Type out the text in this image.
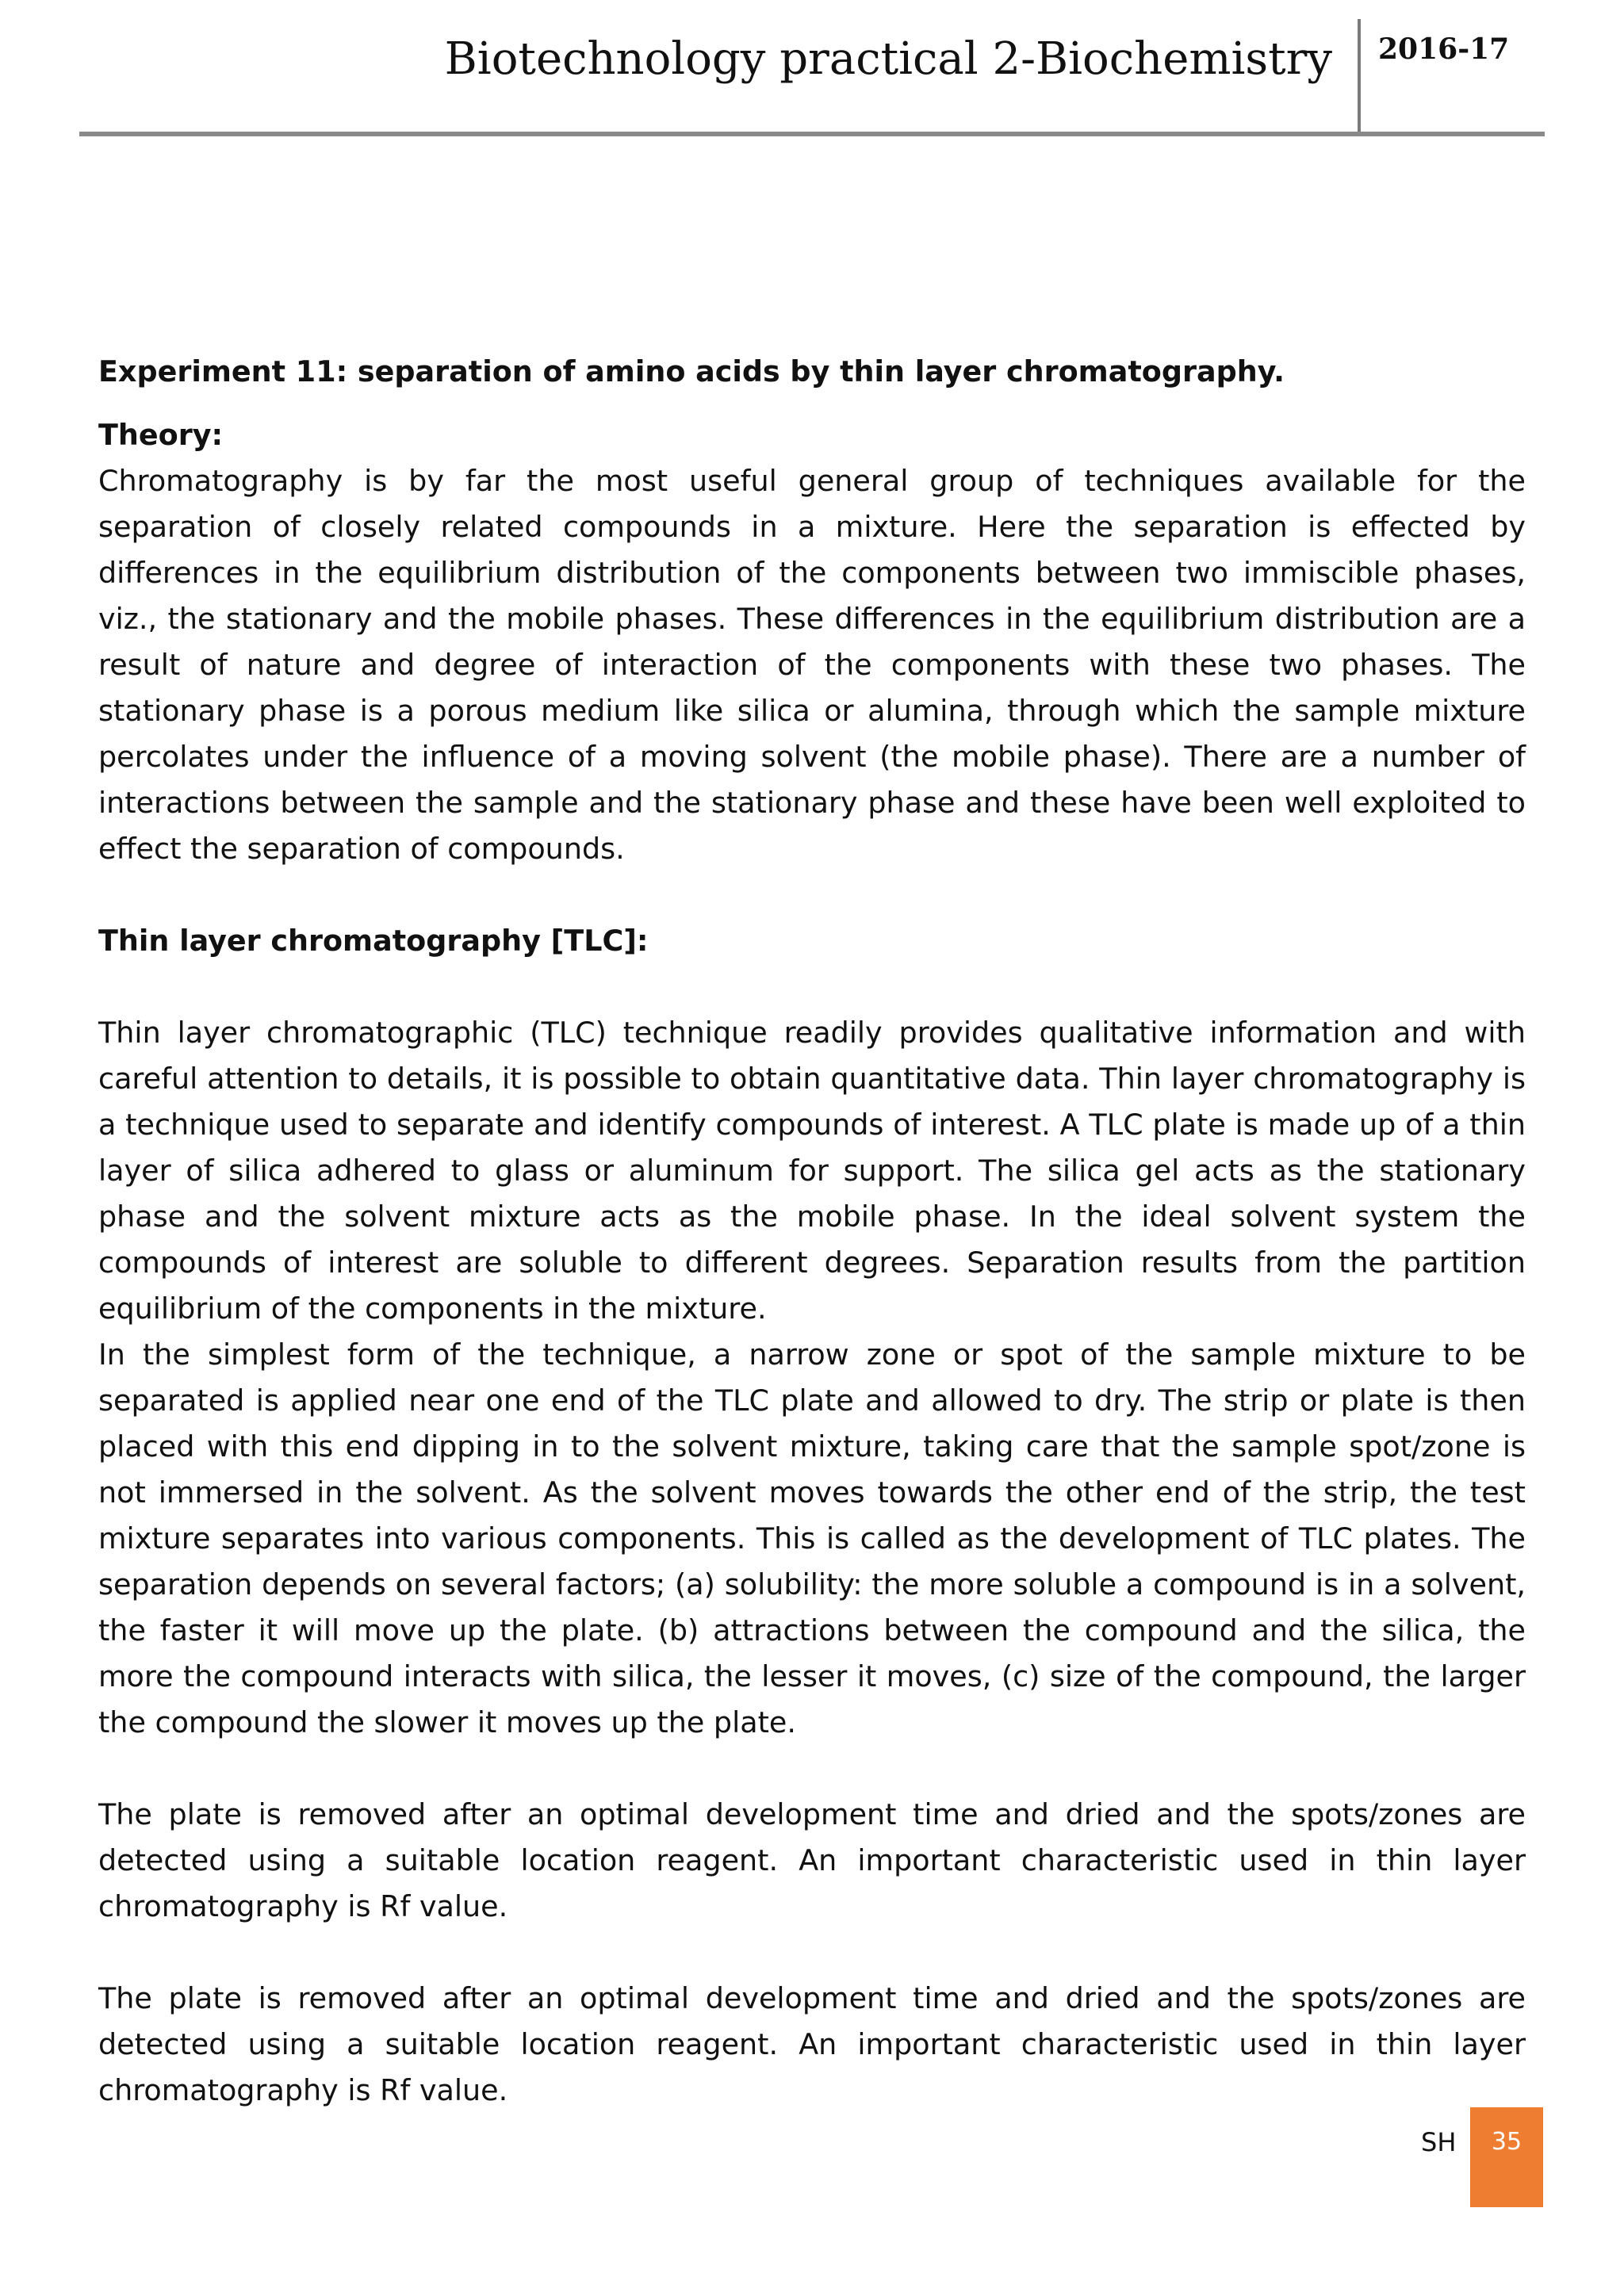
Biotechnology practical 2-Biochemistry 2016-17

Experiment 11: separation of amino acids by thin layer chromatography.

Theory:

Chromatography is by far the most useful general group of techniques available for the separation of closely related compounds in a mixture. Here the separation is effected by differences in the equilibrium distribution of the components between two immiscible phases, viz., the stationary and the mobile phases. These differences in the equilibrium distribution are a result of nature and degree of interaction of the components with these two phases. The stationary phase is a porous medium like silica or alumina, through which the sample mixture percolates under the influence of a moving solvent (the mobile phase). There are a number of interactions between the sample and the stationary phase and these have been well exploited to effect the separation of compounds.

Thin layer chromatography [TLC]:

Thin layer chromatographic (TLC) technique readily provides qualitative information and with careful attention to details, it is possible to obtain quantitative data. Thin layer chromatography is a technique used to separate and identify compounds of interest. A TLC plate is made up of a thin layer of silica adhered to glass or aluminum for support. The silica gel acts as the stationary phase and the solvent mixture acts as the mobile phase. In the ideal solvent system the compounds of interest are soluble to different degrees. Separation results from the partition equilibrium of the components in the mixture.

In the simplest form of the technique, a narrow zone or spot of the sample mixture to be separated is applied near one end of the TLC plate and allowed to dry. The strip or plate is then placed with this end dipping in to the solvent mixture, taking care that the sample spot/zone is not immersed in the solvent. As the solvent moves towards the other end of the strip, the test mixture separates into various components. This is called as the development of TLC plates. The separation depends on several factors; (a) solubility: the more soluble a compound is in a solvent, the faster it will move up the plate. (b) attractions between the compound and the silica, the more the compound interacts with silica, the lesser it moves, (c) size of the compound, the larger the compound the slower it moves up the plate.

The plate is removed after an optimal development time and dried and the spots/zones are detected using a suitable location reagent. An important characteristic used in thin layer chromatography is Rf value.

The plate is removed after an optimal development time and dried and the spots/zones are detected using a suitable location reagent. An important characteristic used in thin layer chromatography is Rf value.

SH	35
